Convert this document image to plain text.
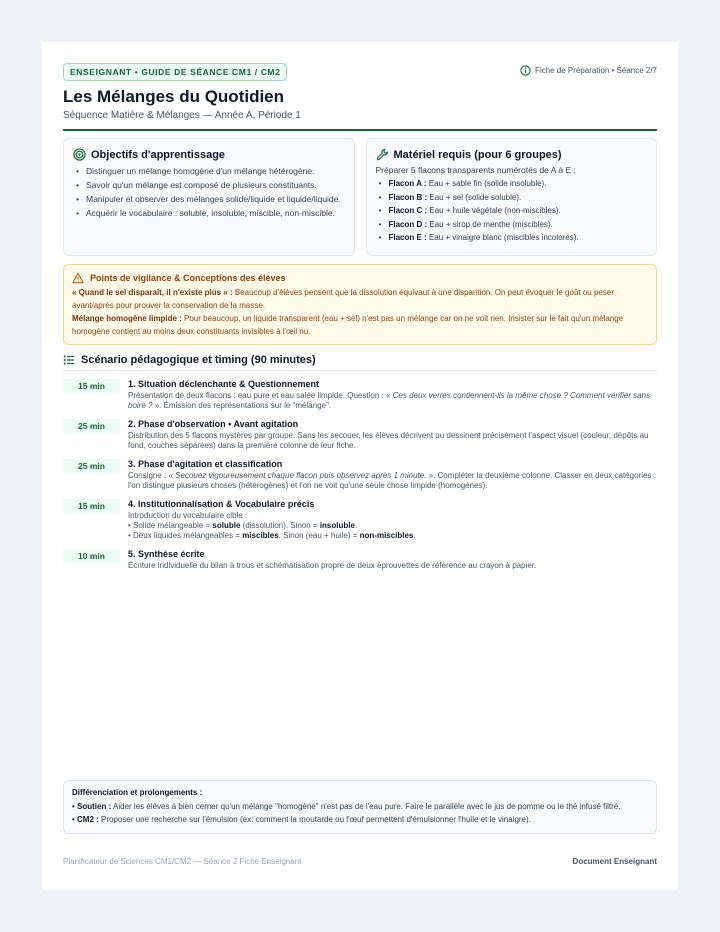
ENSEIGNANT • GUIDE DE SÉANCE CM1 / CM2	Fiche de Préparation • Séance 2/7
Les Mélanges du Quotidien
Séquence Matière & Mélanges — Année A, Période 1
Objectifs d'apprentissage
• Distinguer un mélange homogène d'un mélange hétérogène.
• Savoir qu'un mélange est composé de plusieurs constituants.
• Manipuler et observer des mélanges solide/liquide et liquide/liquide.
• Acquérir le vocabulaire : soluble, insoluble, miscible, non-miscible.
Matériel requis (pour 6 groupes)
Préparer 5 flacons transparents numérotés de A à E :
• Flacon A : Eau + sable fin (solide insoluble).
• Flacon B : Eau + sel (solide soluble).
• Flacon C : Eau + huile végétale (non-miscibles).
• Flacon D : Eau + sirop de menthe (miscibles).
• Flacon E : Eau + vinaigre blanc (miscibles incolores).
Points de vigilance & Conceptions des élèves

« Quand le sel disparaît, il n'existe plus » : Beaucoup d'élèves pensent que la dissolution équivaut à une disparition. On peut évoquer le goût ou peser avant/après pour prouver la conservation de la masse.

Mélange homogène limpide : Pour beaucoup, un liquide transparent (eau + sel) n'est pas un mélange car on ne voit rien. Insister sur le fait qu'un mélange homogène contient au moins deux constituants invisibles à l'œil nu.

Scénario pédagogique et timing (90 minutes)
15 min	1. Situation déclenchante & Questionnement
Présentation de deux flacons : eau pure et eau salée limpide. Question : « Ces deux verres contiennent-ils la même chose ? Comment vérifier sans boire ? ». Émission des représentations sur le "mélange".
25 min	2. Phase d'observation • Avant agitation
Distribution des 5 flacons mystères par groupe. Sans les secouer, les élèves décrivent ou dessinent précisément l'aspect visuel (couleur, dépôts au fond, couches séparées) dans la première colonne de leur fiche.
25 min	3. Phase d'agitation et classification
Consigne : « Secouez vigoureusement chaque flacon puis observez après 1 minute. ». Compléter la deuxième colonne. Classer en deux catégories : l'on distingue plusieurs choses (hétérogènes) et l'on ne voit qu'une seule chose limpide (homogènes).
15 min	4. Institutionnalisation & Vocabulaire précis
Introduction du vocabulaire cible :
• Solide mélangeable = soluble (dissolution). Sinon = insoluble.
• Deux liquides mélangeables = miscibles. Sinon (eau + huile) = non-miscibles.
10 min	5. Synthèse écrite
Écriture individuelle du bilan à trous et schématisation propre de deux éprouvettes de référence au crayon à papier.
Différenciation et prolongements :

• Soutien : Aider les élèves à bien cerner qu'un mélange "homogène" n'est pas de l'eau pure. Faire le parallèle avec le jus de pomme ou le thé infusé filtré.

• CM2 : Proposer une recherche sur l'émulsion (ex: comment la moutarde ou l'œuf permettent d'émulsionner l'huile et le vinaigre).

Planificateur de Sciences CM1/CM2 — Séance 2 Fiche Enseignant	Document Enseignant
